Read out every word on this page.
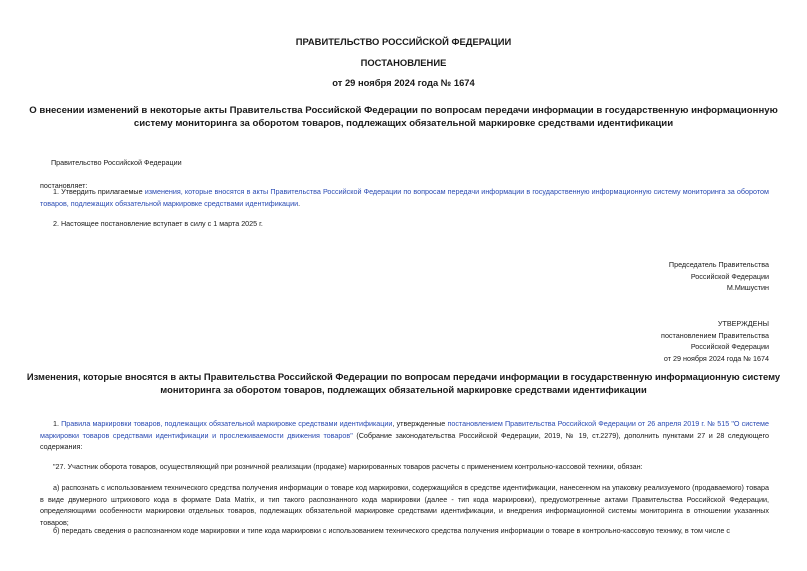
ПРАВИТЕЛЬСТВО РОССИЙСКОЙ ФЕДЕРАЦИИ
ПОСТАНОВЛЕНИЕ
от 29 ноября 2024 года № 1674
О внесении изменений в некоторые акты Правительства Российской Федерации по вопросам передачи информации в государственную информационную
систему мониторинга за оборотом товаров, подлежащих обязательной маркировке средствами идентификации
Правительство Российской Федерации
постановляет:
1. Утвердить прилагаемые изменения, которые вносятся в акты Правительства Российской Федерации по вопросам передачи информации в государственную информационную систему мониторинга за оборотом товаров, подлежащих обязательной маркировке средствами идентификации.
2. Настоящее постановление вступает в силу с 1 марта 2025 г.
Председатель Правительства
Российской Федерации
М.Мишустин
УТВЕРЖДЕНЫ
постановлением Правительства
Российской Федерации
от 29 ноября 2024 года № 1674
Изменения, которые вносятся в акты Правительства Российской Федерации по вопросам передачи информации в государственную информационную систему
мониторинга за оборотом товаров, подлежащих обязательной маркировке средствами идентификации
1. Правила маркировки товаров, подлежащих обязательной маркировке средствами идентификации, утвержденные постановлением Правительства Российской Федерации от 26 апреля 2019 г. № 515 "О системе маркировки товаров средствами идентификации и прослеживаемости движения товаров" (Собрание законодательства Российской Федерации, 2019, № 19, ст.2279), дополнить пунктами 27 и 28 следующего содержания:
"27. Участник оборота товаров, осуществляющий при розничной реализации (продаже) маркированных товаров расчеты с применением контрольно-кассовой техники, обязан:
а) распознать с использованием технического средства получения информации о товаре код маркировки, содержащийся в средстве идентификации, нанесенном на упаковку реализуемого (продаваемого) товара в виде двумерного штрихового кода в формате Data Matrix, и тип такого распознанного кода маркировки (далее - тип кода маркировки), предусмотренные актами Правительства Российской Федерации, определяющими особенности маркировки отдельных товаров, подлежащих обязательной маркировке средствами идентификации, и внедрения информационной системы мониторинга в отношении указанных товаров;
б) передать сведения о распознанном коде маркировки и типе кода маркировки с использованием технического средства получения информации о товаре в контрольно-кассовую технику, в том числе с
